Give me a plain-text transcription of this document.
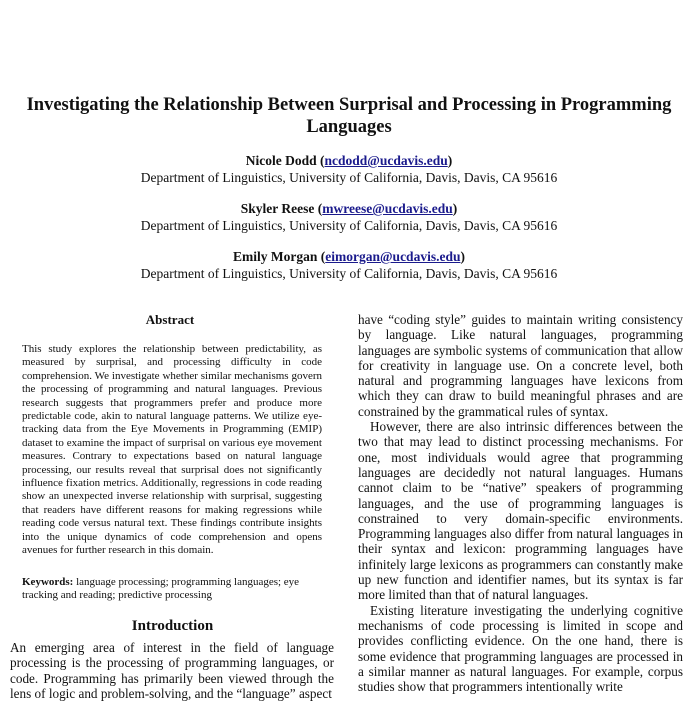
Investigating the Relationship Between Surprisal and Processing in Programming Languages
Nicole Dodd (ncdodd@ucdavis.edu)
Department of Linguistics, University of California, Davis, Davis, CA 95616
Skyler Reese (mwreese@ucdavis.edu)
Department of Linguistics, University of California, Davis, Davis, CA 95616
Emily Morgan (eimorgan@ucdavis.edu)
Department of Linguistics, University of California, Davis, Davis, CA 95616
Abstract
This study explores the relationship between predictability, as measured by surprisal, and processing difficulty in code comprehension. We investigate whether similar mechanisms govern the processing of programming and natural languages. Previous research suggests that programmers prefer and produce more predictable code, akin to natural language patterns. We utilize eye-tracking data from the Eye Movements in Programming (EMIP) dataset to examine the impact of surprisal on various eye movement measures. Contrary to expectations based on natural language processing, our results reveal that surprisal does not significantly influence fixation metrics. Additionally, regressions in code reading show an unexpected inverse relationship with surprisal, suggesting that readers have different reasons for making regressions while reading code versus natural text. These findings contribute insights into the unique dynamics of code comprehension and opens avenues for further research in this domain.
Keywords: language processing; programming languages; eye tracking and reading; predictive processing
Introduction

An emerging area of interest in the field of language processing is the processing of programming languages, or code. Programming has primarily been viewed through the lens of logic and problem-solving, and the “language” aspect

have “coding style” guides to maintain writing consistency by language. Like natural languages, programming languages are symbolic systems of communication that allow for creativity in language use. On a concrete level, both natural and programming languages have lexicons from which they can draw to build meaningful phrases and are constrained by the grammatical rules of syntax.

However, there are also intrinsic differences between the two that may lead to distinct processing mechanisms. For one, most individuals would agree that programming languages are decidedly not natural languages. Humans cannot claim to be “native” speakers of programming languages, and the use of programming languages is constrained to very domain-specific environments. Programming languages also differ from natural languages in their syntax and lexicon: programming languages have infinitely large lexicons as programmers can constantly make up new function and identifier names, but its syntax is far more limited than that of natural languages.

Existing literature investigating the underlying cognitive mechanisms of code processing is limited in scope and provides conflicting evidence. On the one hand, there is some evidence that programming languages are processed in a similar manner as natural languages. For example, corpus studies show that programmers intentionally write
